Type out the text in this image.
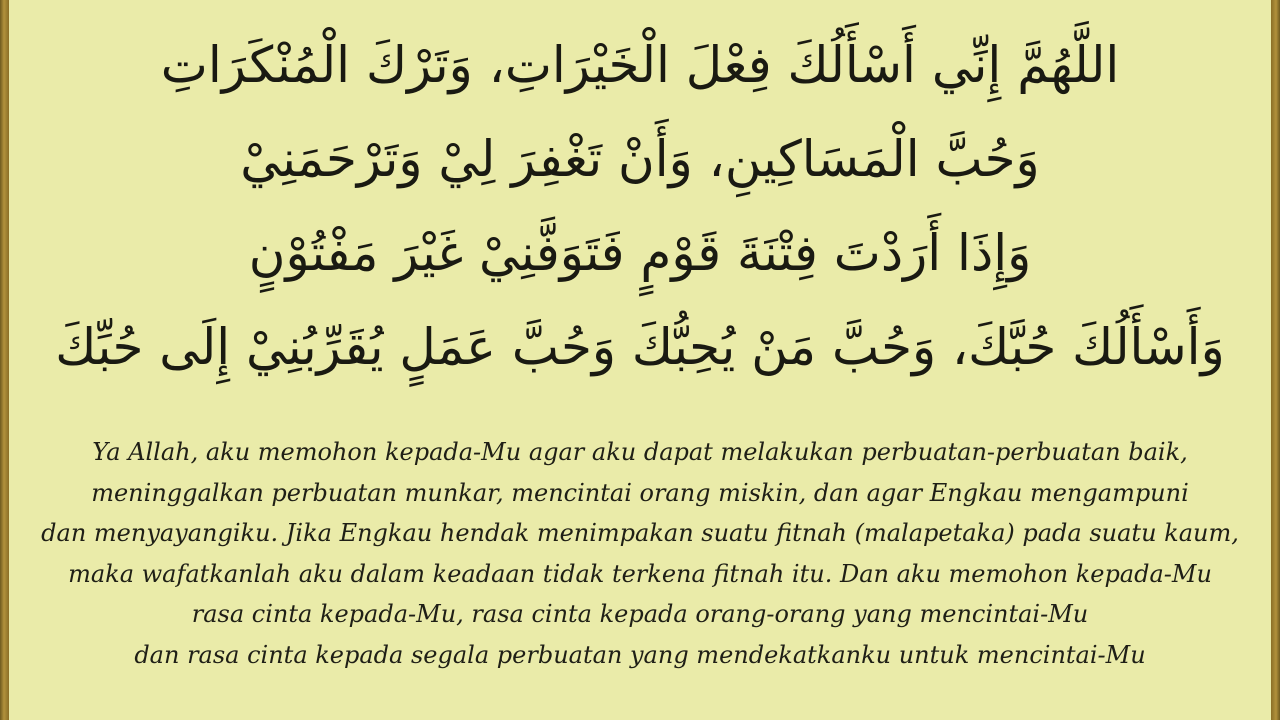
اللَّهُمَّ إِنِّي أَسْأَلُكَ فِعْلَ الْخَيْرَاتِ، وَتَرْكَ الْمُنْكَرَاتِ
وَحُبَّ الْمَسَاكِينِ، وَأَنْ تَغْفِرَ لِيْ وَتَرْحَمَنِيْ
وَإِذَا أَرَدْتَ فِتْنَةَ قَوْمٍ فَتَوَفَّنِيْ غَيْرَ مَفْتُوْنٍ
وَأَسْأَلُكَ حُبَّكَ، وَحُبَّ مَنْ يُحِبُّكَ وَحُبَّ عَمَلٍ يُقَرِّبُنِيْ إِلَى حُبِّكَ
Ya Allah, aku memohon kepada-Mu agar aku dapat melakukan perbuatan-perbuatan baik,
meninggalkan perbuatan munkar, mencintai orang miskin, dan agar Engkau mengampuni
dan menyayangiku. Jika Engkau hendak menimpakan suatu fitnah (malapetaka) pada suatu kaum,
maka wafatkanlah aku dalam keadaan tidak terkena fitnah itu. Dan aku memohon kepada-Mu
rasa cinta kepada-Mu, rasa cinta kepada orang-orang yang mencintai-Mu
dan rasa cinta kepada segala perbuatan yang mendekatkanku untuk mencintai-Mu
